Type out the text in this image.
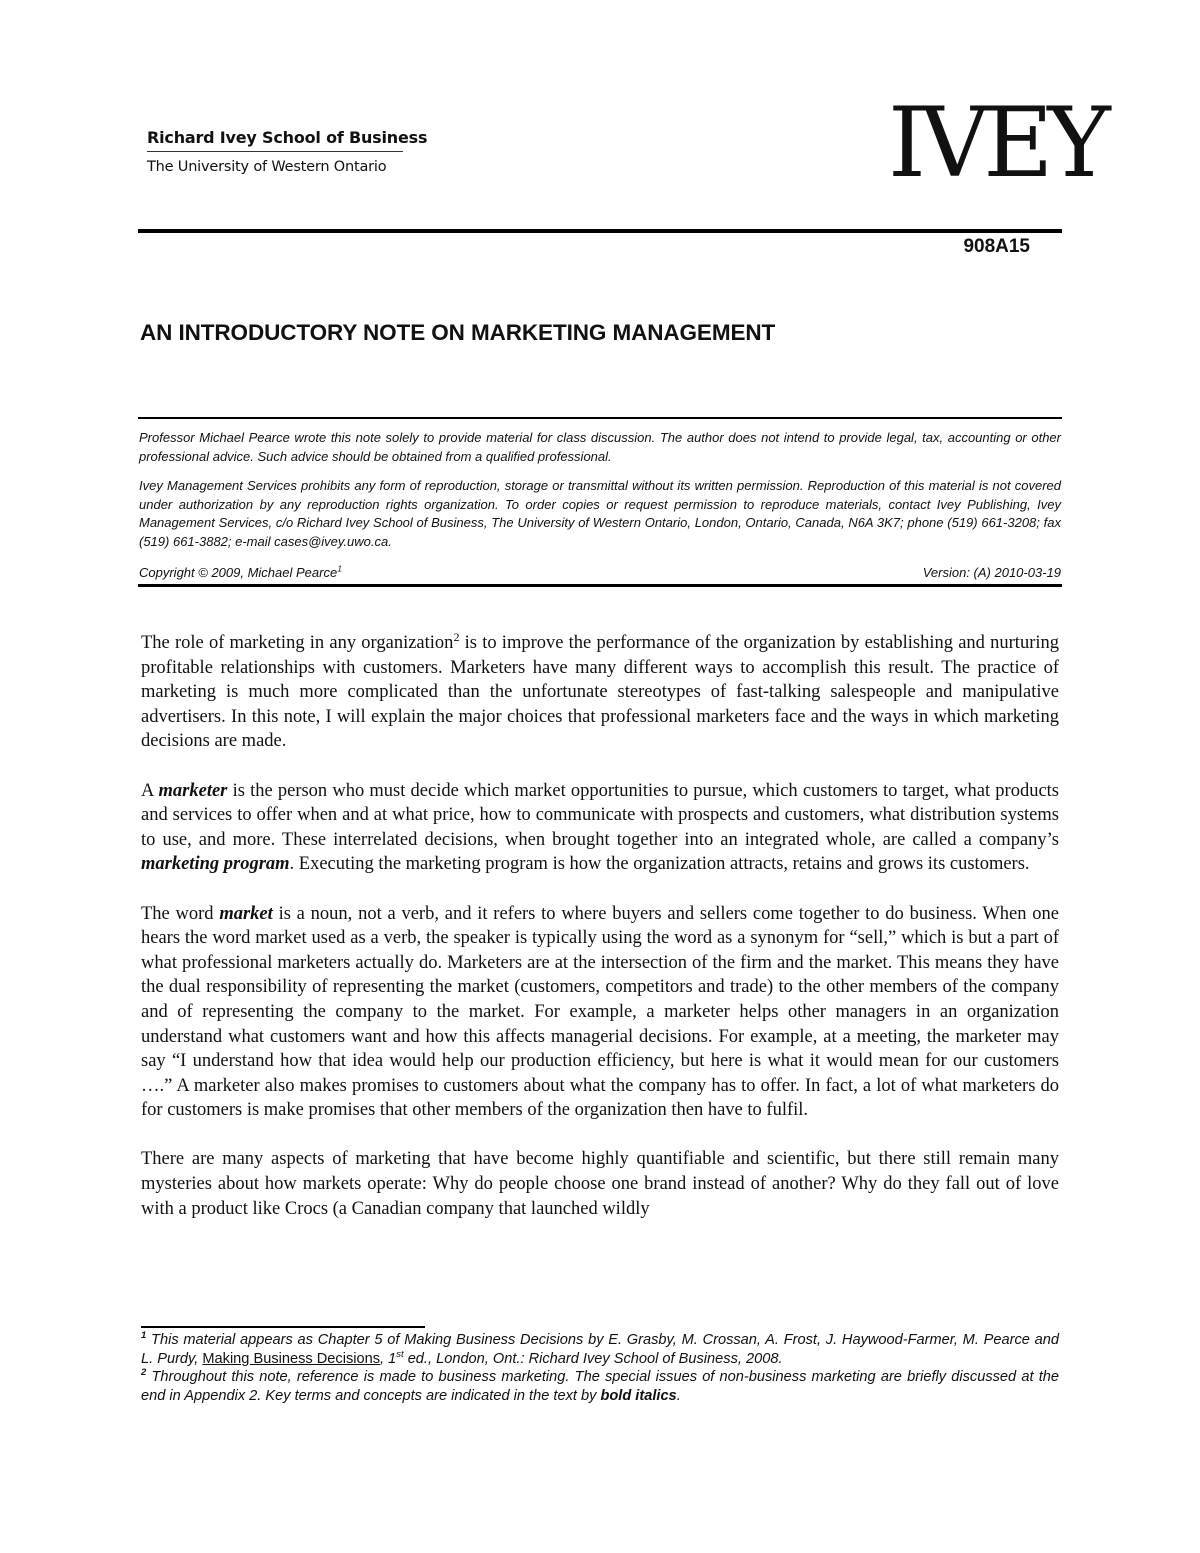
Richard Ivey School of Business
The University of Western Ontario	IVEY
908A15
AN INTRODUCTORY NOTE ON MARKETING MANAGEMENT

Professor Michael Pearce wrote this note solely to provide material for class discussion. The author does not intend to provide legal, tax, accounting or other professional advice. Such advice should be obtained from a qualified professional.

Ivey Management Services prohibits any form of reproduction, storage or transmittal without its written permission. Reproduction of this material is not covered under authorization by any reproduction rights organization. To order copies or request permission to reproduce materials, contact Ivey Publishing, Ivey Management Services, c/o Richard Ivey School of Business, The University of Western Ontario, London, Ontario, Canada, N6A 3K7; phone (519) 661-3208; fax (519) 661-3882; e-mail cases@ivey.uwo.ca.

Copyright © 2009, Michael Pearce$^1$	Version: (A) 2010-03-19

The role of marketing in any organization$^2$ is to improve the performance of the organization by establishing and nurturing profitable relationships with customers. Marketers have many different ways to accomplish this result. The practice of marketing is much more complicated than the unfortunate stereotypes of fast-talking salespeople and manipulative advertisers. In this note, I will explain the major choices that professional marketers face and the ways in which marketing decisions are made.

A marketer is the person who must decide which market opportunities to pursue, which customers to target, what products and services to offer when and at what price, how to communicate with prospects and customers, what distribution systems to use, and more. These interrelated decisions, when brought together into an integrated whole, are called a company’s marketing program. Executing the marketing program is how the organization attracts, retains and grows its customers.

The word market is a noun, not a verb, and it refers to where buyers and sellers come together to do business. When one hears the word market used as a verb, the speaker is typically using the word as a synonym for “sell,” which is but a part of what professional marketers actually do. Marketers are at the intersection of the firm and the market. This means they have the dual responsibility of representing the market (customers, competitors and trade) to the other members of the company and of representing the company to the market. For example, a marketer helps other managers in an organization understand what customers want and how this affects managerial decisions. For example, at a meeting, the marketer may say “I understand how that idea would help our production efficiency, but here is what it would mean for our customers ….” A marketer also makes promises to customers about what the company has to offer. In fact, a lot of what marketers do for customers is make promises that other members of the organization then have to fulfil.

There are many aspects of marketing that have become highly quantifiable and scientific, but there still remain many mysteries about how markets operate: Why do people choose one brand instead of another? Why do they fall out of love with a product like Crocs (a Canadian company that launched wildly

$^1$ This material appears as Chapter 5 of Making Business Decisions by E. Grasby, M. Crossan, A. Frost, J. Haywood-Farmer, M. Pearce and L. Purdy, Making Business Decisions, 1st ed., London, Ont.: Richard Ivey School of Business, 2008.

$^2$ Throughout this note, reference is made to business marketing. The special issues of non-business marketing are briefly discussed at the end in Appendix 2. Key terms and concepts are indicated in the text by bold italics.
